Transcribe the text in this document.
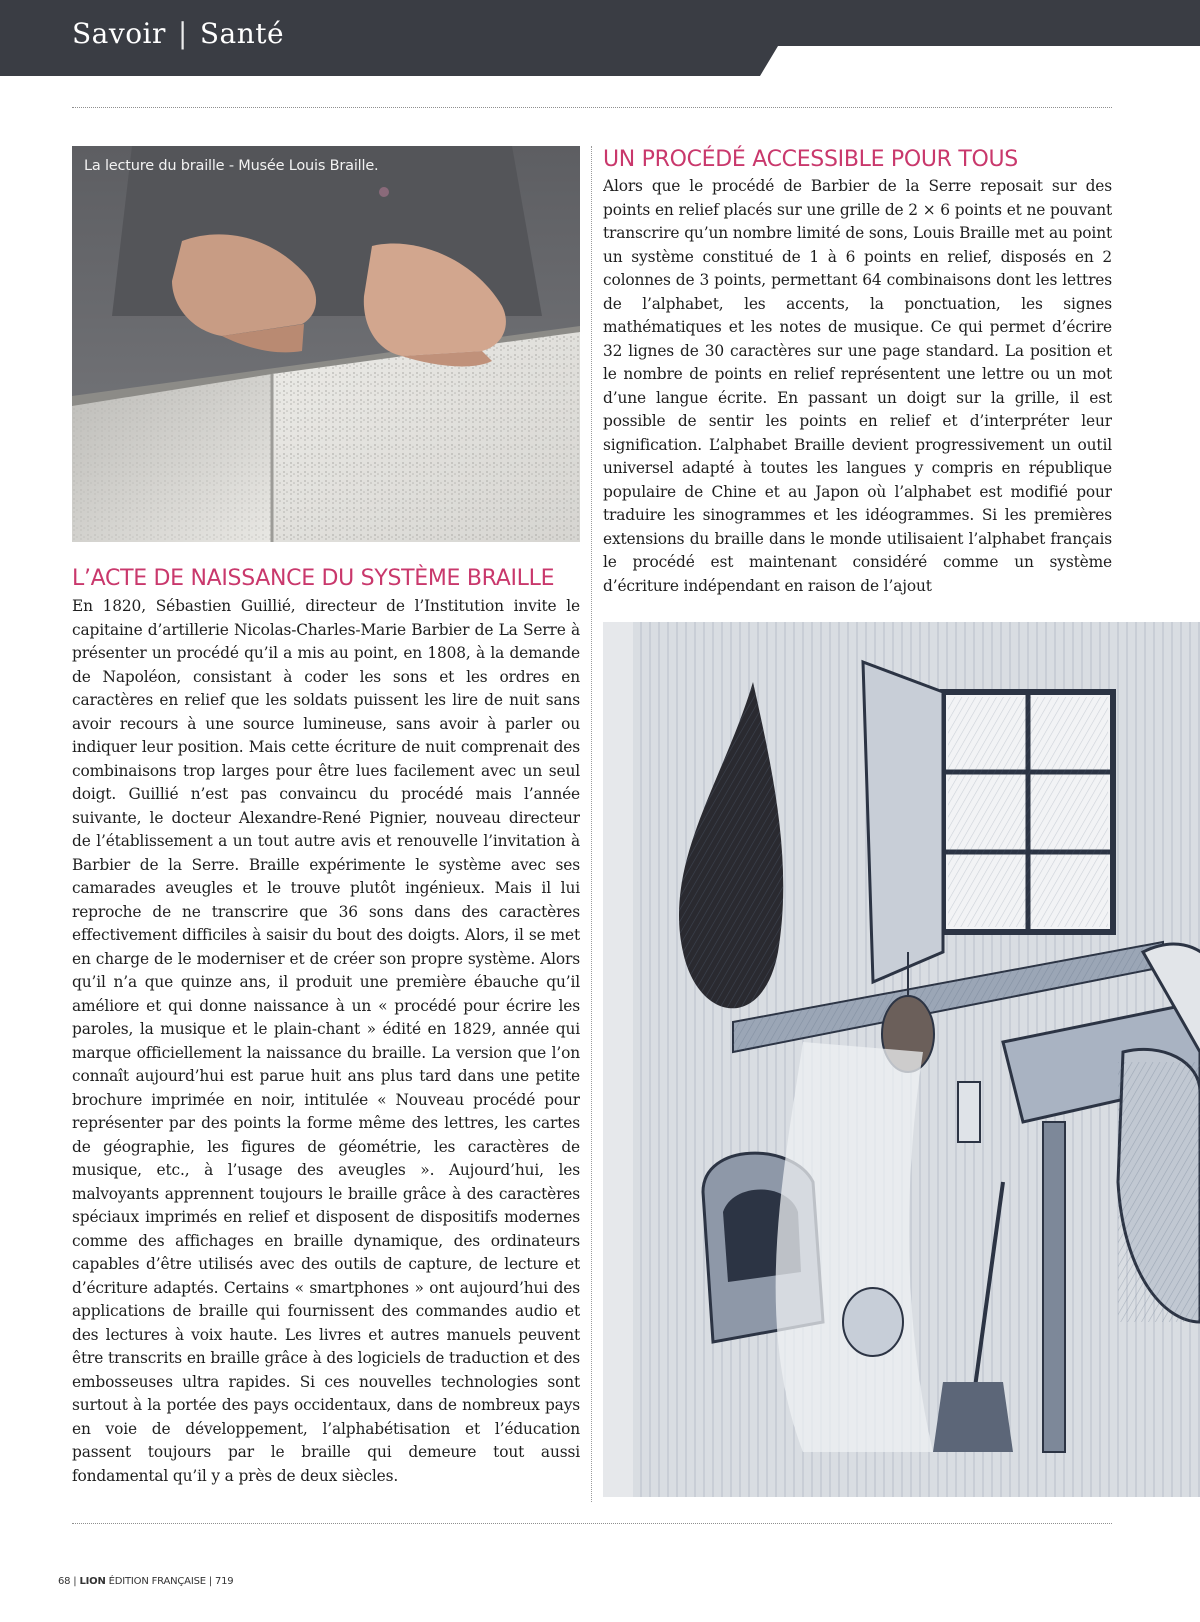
Savoir | Santé
La lecture du braille - Musée Louis Braille.
L’ACTE DE NAISSANCE DU SYSTÈME BRAILLE

En 1820, Sébastien Guillié, directeur de l’Institution invite le capitaine d’artillerie Nicolas-Charles-Marie Barbier de La Serre à présenter un procédé qu’il a mis au point, en 1808, à la demande de Napoléon, consistant à coder les sons et les ordres en caractères en relief que les soldats puissent les lire de nuit sans avoir recours à une source lumineuse, sans avoir à parler ou indiquer leur position. Mais cette écriture de nuit comprenait des combinaisons trop larges pour être lues facilement avec un seul doigt. Guillié n’est pas convaincu du procédé mais l’année suivante, le docteur Alexandre-René Pignier, nouveau directeur de l’établissement a un tout autre avis et renouvelle l’invitation à Barbier de la Serre. Braille expérimente le système avec ses camarades aveugles et le trouve plutôt ingénieux. Mais il lui reproche de ne transcrire que 36 sons dans des caractères effectivement difficiles à saisir du bout des doigts. Alors, il se met en charge de le moderniser et de créer son propre système. Alors qu’il n’a que quinze ans, il produit une première ébauche qu’il améliore et qui donne naissance à un « procédé pour écrire les paroles, la musique et le plain-chant » édité en 1829, année qui marque officiellement la naissance du braille. La version que l’on connaît aujourd’hui est parue huit ans plus tard dans une petite brochure imprimée en noir, intitulée « Nouveau procédé pour représenter par des points la forme même des lettres, les cartes de géographie, les figures de géométrie, les caractères de musique, etc., à l’usage des aveugles ». Aujourd’hui, les malvoyants apprennent toujours le braille grâce à des caractères spéciaux imprimés en relief et disposent de dispositifs modernes comme des affichages en braille dynamique, des ordinateurs capables d’être utilisés avec des outils de capture, de lecture et d’écriture adaptés. Certains « smartphones » ont aujourd’hui des applications de braille qui fournissent des commandes audio et des lectures à voix haute. Les livres et autres manuels peuvent être transcrits en braille grâce à des logiciels de traduction et des embosseuses ultra rapides. Si ces nouvelles technologies sont surtout à la portée des pays occidentaux, dans de nombreux pays en voie de développement, l’alphabétisation et l’éducation passent toujours par le braille qui demeure tout aussi fondamental qu’il y a près de deux siècles.

UN PROCÉDÉ ACCESSIBLE POUR TOUS

Alors que le procédé de Barbier de la Serre reposait sur des points en relief placés sur une grille de 2 × 6 points et ne pouvant transcrire qu’un nombre limité de sons, Louis Braille met au point un système constitué de 1 à 6 points en relief, disposés en 2 colonnes de 3 points, permettant 64 combinaisons dont les lettres de l’alphabet, les accents, la ponctuation, les signes mathématiques et les notes de musique. Ce qui permet d’écrire 32 lignes de 30 caractères sur une page standard. La position et le nombre de points en relief représentent une lettre ou un mot d’une langue écrite. En passant un doigt sur la grille, il est possible de sentir les points en relief et d’interpréter leur signification. L’alphabet Braille devient progressivement un outil universel adapté à toutes les langues y compris en république populaire de Chine et au Japon où l’alphabet est modifié pour traduire les sinogrammes et les idéogrammes. Si les premières extensions du braille dans le monde utilisaient l’alphabet français le procédé est maintenant considéré comme un système d’écriture indépendant en raison de l’ajout

68 | LION ÉDITION FRANÇAISE | 719
